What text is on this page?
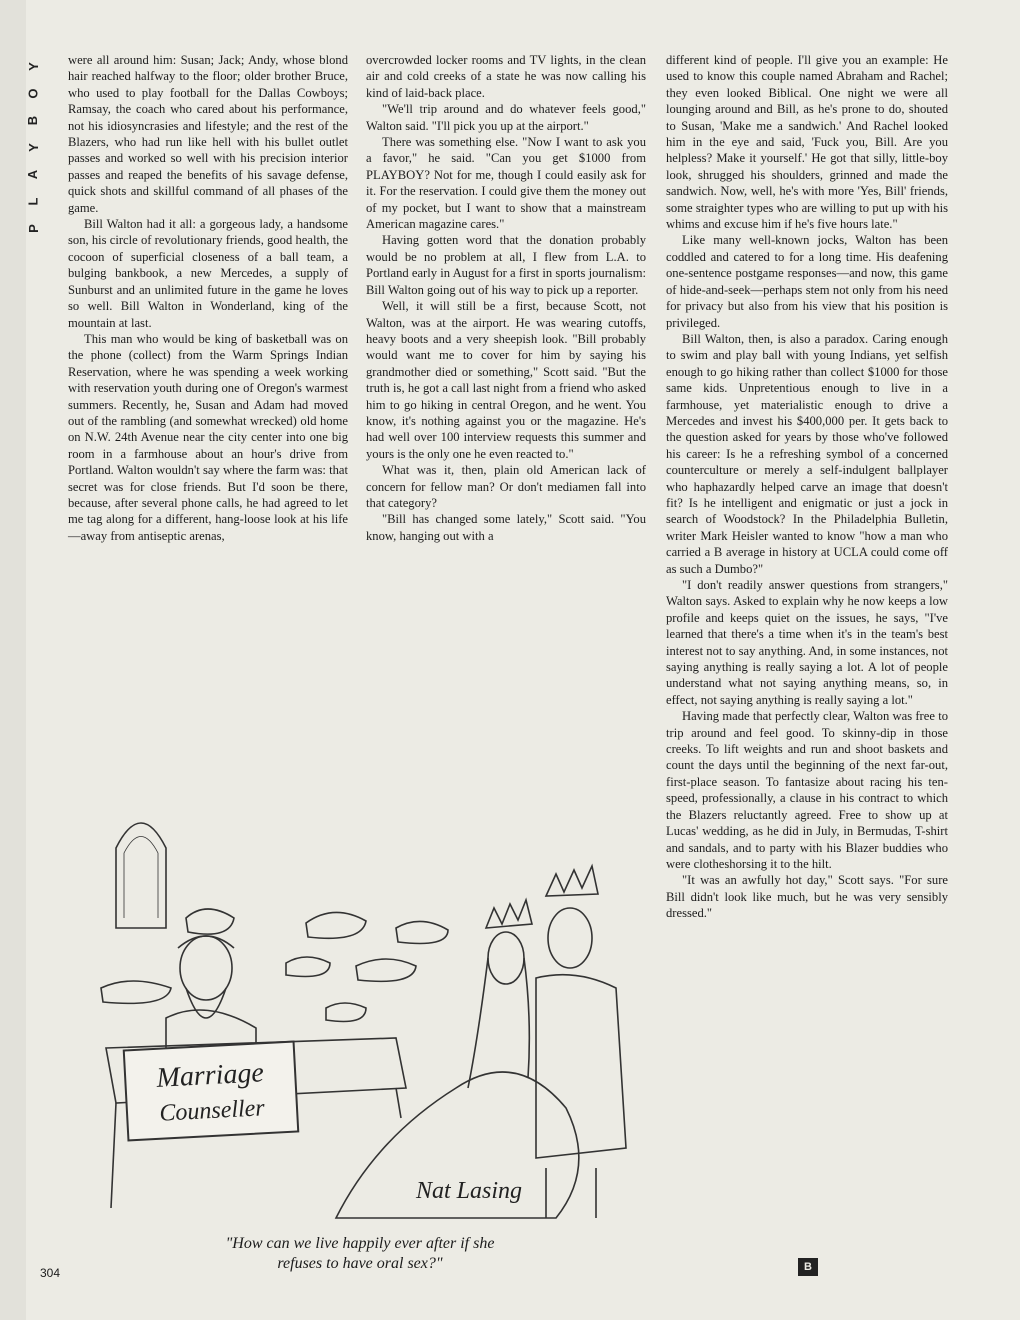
Y
O
B
Y
A
L
P

were all around him: Susan; Jack; Andy, whose blond hair reached halfway to the floor; older brother Bruce, who used to play football for the Dallas Cowboys; Ramsay, the coach who cared about his performance, not his idiosyncrasies and lifestyle; and the rest of the Blazers, who had run like hell with his bullet outlet passes and worked so well with his precision interior passes and reaped the benefits of his savage defense, quick shots and skillful command of all phases of the game.

Bill Walton had it all: a gorgeous lady, a handsome son, his circle of revolutionary friends, good health, the cocoon of superficial closeness of a ball team, a bulging bankbook, a new Mercedes, a supply of Sunburst and an unlimited future in the game he loves so well. Bill Walton in Wonderland, king of the mountain at last.

This man who would be king of basketball was on the phone (collect) from the Warm Springs Indian Reservation, where he was spending a week working with reservation youth during one of Oregon's warmest summers. Recently, he, Susan and Adam had moved out of the rambling (and somewhat wrecked) old home on N.W. 24th Avenue near the city center into one big room in a farmhouse about an hour's drive from Portland. Walton wouldn't say where the farm was: that secret was for close friends. But I'd soon be there, because, after several phone calls, he had agreed to let me tag along for a different, hang-loose look at his life—away from antiseptic arenas,

overcrowded locker rooms and TV lights, in the clean air and cold creeks of a state he was now calling his kind of laid-back place.

"We'll trip around and do whatever feels good," Walton said. "I'll pick you up at the airport."

There was something else. "Now I want to ask you a favor," he said. "Can you get $1000 from PLAYBOY? Not for me, though I could easily ask for it. For the reservation. I could give them the money out of my pocket, but I want to show that a mainstream American magazine cares."

Having gotten word that the donation probably would be no problem at all, I flew from L.A. to Portland early in August for a first in sports journalism: Bill Walton going out of his way to pick up a reporter.

Well, it will still be a first, because Scott, not Walton, was at the airport. He was wearing cutoffs, heavy boots and a very sheepish look. "Bill probably would want me to cover for him by saying his grandmother died or something," Scott said. "But the truth is, he got a call last night from a friend who asked him to go hiking in central Oregon, and he went. You know, it's nothing against you or the magazine. He's had well over 100 interview requests this summer and yours is the only one he even reacted to."

What was it, then, plain old American lack of concern for fellow man? Or don't mediamen fall into that category?

"Bill has changed some lately," Scott said. "You know, hanging out with a

different kind of people. I'll give you an example: He used to know this couple named Abraham and Rachel; they even looked Biblical. One night we were all lounging around and Bill, as he's prone to do, shouted to Susan, 'Make me a sandwich.' And Rachel looked him in the eye and said, 'Fuck you, Bill. Are you helpless? Make it yourself.' He got that silly, little-boy look, shrugged his shoulders, grinned and made the sandwich. Now, well, he's with more 'Yes, Bill' friends, some straighter types who are willing to put up with his whims and excuse him if he's five hours late."

Like many well-known jocks, Walton has been coddled and catered to for a long time. His deafening one-sentence postgame responses—and now, this game of hide-and-seek—perhaps stem not only from his need for privacy but also from his view that his position is privileged.

Bill Walton, then, is also a paradox. Caring enough to swim and play ball with young Indians, yet selfish enough to go hiking rather than collect $1000 for those same kids. Unpretentious enough to live in a farmhouse, yet materialistic enough to drive a Mercedes and invest his $400,000 per. It gets back to the question asked for years by those who've followed his career: Is he a refreshing symbol of a concerned counterculture or merely a self-indulgent ballplayer who haphazardly helped carve an image that doesn't fit? Is he intelligent and enigmatic or just a jock in search of Woodstock? In the Philadelphia Bulletin, writer Mark Heisler wanted to know "how a man who carried a B average in history at UCLA could come off as such a Dumbo?"

"I don't readily answer questions from strangers," Walton says. Asked to explain why he now keeps a low profile and keeps quiet on the issues, he says, "I've learned that there's a time when it's in the team's best interest not to say anything. And, in some instances, not saying anything is really saying a lot. A lot of people understand what not saying anything means, so, in effect, not saying anything is really saying a lot."

Having made that perfectly clear, Walton was free to trip around and feel good. To skinny-dip in those creeks. To lift weights and run and shoot baskets and count the days until the beginning of the next far-out, first-place season. To fantasize about racing his ten-speed, professionally, a clause in his contract to which the Blazers reluctantly agreed. Free to show up at Lucas' wedding, as he did in July, in Bermudas, T-shirt and sandals, and to party with his Blazer buddies who were clotheshorsing it to the hilt.

"It was an awfully hot day," Scott says. "For sure Bill didn't look like much, but he was very sensibly dressed."

Marriage
Counseller
Nat Lasing
"How can we live happily ever after if she
refuses to have oral sex?"
304	B
